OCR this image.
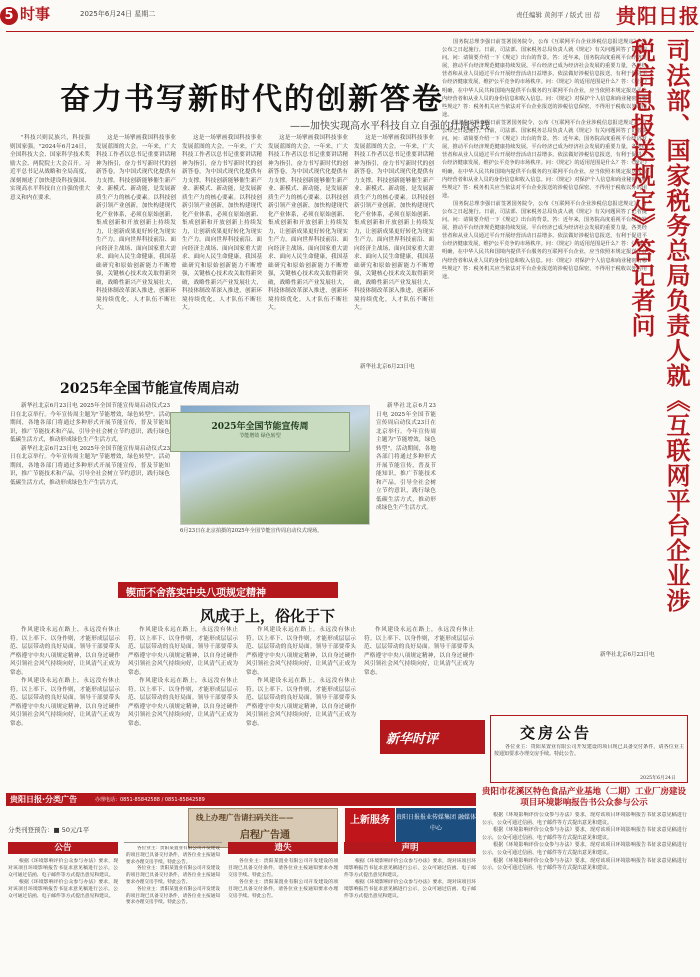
5 时事	2025年6月24日 星期二	责任编辑 黄剑平 / 版式 田 蓓 贵阳日报
奋力书写新时代的创新答卷
——加快实现高水平科技自立自强的壮阔实践

"科技兴则民族兴，科技强则国家强。"2024年6月24日，全国科技大会、国家科学技术奖励大会、两院院士大会召开。习近平总书记从战略和全局高度，深刻阐述了加快建设科技强国、实现高水平科技自立自强的重大意义和内在要求。

这是一场擘画我国科技事业发展蓝图的大会。一年来，广大科技工作者以总书记重要讲话精神为指引，奋力书写新时代的创新答卷，为中国式现代化提供有力支撑。科技创新能够催生新产业、新模式、新动能，是发展新质生产力的核心要素。以科技创新引领产业创新，加快构建现代化产业体系，必须在原始创新、集成创新和开放创新上持续发力，让创新成果更好转化为现实生产力。面向世界科技前沿、面向经济主战场、面向国家重大需求、面向人民生命健康，我国基础研究和原始创新能力不断增强，关键核心技术攻关取得新突破，战略性新兴产业发展壮大，科技体制改革深入推进，创新环境持续优化，人才队伍不断壮大。

这是一场擘画我国科技事业发展蓝图的大会。一年来，广大科技工作者以总书记重要讲话精神为指引，奋力书写新时代的创新答卷，为中国式现代化提供有力支撑。科技创新能够催生新产业、新模式、新动能，是发展新质生产力的核心要素。以科技创新引领产业创新，加快构建现代化产业体系，必须在原始创新、集成创新和开放创新上持续发力，让创新成果更好转化为现实生产力。面向世界科技前沿、面向经济主战场、面向国家重大需求、面向人民生命健康，我国基础研究和原始创新能力不断增强，关键核心技术攻关取得新突破，战略性新兴产业发展壮大，科技体制改革深入推进，创新环境持续优化，人才队伍不断壮大。

这是一场擘画我国科技事业发展蓝图的大会。一年来，广大科技工作者以总书记重要讲话精神为指引，奋力书写新时代的创新答卷，为中国式现代化提供有力支撑。科技创新能够催生新产业、新模式、新动能，是发展新质生产力的核心要素。以科技创新引领产业创新，加快构建现代化产业体系，必须在原始创新、集成创新和开放创新上持续发力，让创新成果更好转化为现实生产力。面向世界科技前沿、面向经济主战场、面向国家重大需求、面向人民生命健康，我国基础研究和原始创新能力不断增强，关键核心技术攻关取得新突破，战略性新兴产业发展壮大，科技体制改革深入推进，创新环境持续优化，人才队伍不断壮大。

这是一场擘画我国科技事业发展蓝图的大会。一年来，广大科技工作者以总书记重要讲话精神为指引，奋力书写新时代的创新答卷，为中国式现代化提供有力支撑。科技创新能够催生新产业、新模式、新动能，是发展新质生产力的核心要素。以科技创新引领产业创新，加快构建现代化产业体系，必须在原始创新、集成创新和开放创新上持续发力，让创新成果更好转化为现实生产力。面向世界科技前沿、面向经济主战场、面向国家重大需求、面向人民生命健康，我国基础研究和原始创新能力不断增强，关键核心技术攻关取得新突破，战略性新兴产业发展壮大，科技体制改革深入推进，创新环境持续优化，人才队伍不断壮大。

新华社北京6月23日电

国务院总理李强日前签署国务院令，公布《互联网平台企业涉税信息报送规定》，自公布之日起施行。日前，司法部、国家税务总局负责人就《规定》有关问题回答了记者提问。问：请简要介绍一下《规定》出台的背景。答：近年来，国务院高度重视平台经济发展，推动平台经济规范健康持续发展。平台经济已成为经济社会发展的重要力量，各类经营者和从业人员通过平台开展经营活动日益增多。依法做好涉税信息报送，有利于促进平台经济健康发展，维护公平竞争的市场秩序。问：《规定》的适用范围是什么？答：《规定》明确，在中华人民共和国境内提供平台服务的互联网平台企业，应当依照本规定报送平台内经营者和从业人员的身份信息和收入信息。问：《规定》对保护个人信息和商业秘密有哪些规定？答：税务机关应当依法对平台企业报送的涉税信息保密，不得用于税收以外的用途。

国务院总理李强日前签署国务院令，公布《互联网平台企业涉税信息报送规定》，自公布之日起施行。日前，司法部、国家税务总局负责人就《规定》有关问题回答了记者提问。问：请简要介绍一下《规定》出台的背景。答：近年来，国务院高度重视平台经济发展，推动平台经济规范健康持续发展。平台经济已成为经济社会发展的重要力量，各类经营者和从业人员通过平台开展经营活动日益增多。依法做好涉税信息报送，有利于促进平台经济健康发展，维护公平竞争的市场秩序。问：《规定》的适用范围是什么？答：《规定》明确，在中华人民共和国境内提供平台服务的互联网平台企业，应当依照本规定报送平台内经营者和从业人员的身份信息和收入信息。问：《规定》对保护个人信息和商业秘密有哪些规定？答：税务机关应当依法对平台企业报送的涉税信息保密，不得用于税收以外的用途。

国务院总理李强日前签署国务院令，公布《互联网平台企业涉税信息报送规定》，自公布之日起施行。日前，司法部、国家税务总局负责人就《规定》有关问题回答了记者提问。问：请简要介绍一下《规定》出台的背景。答：近年来，国务院高度重视平台经济发展，推动平台经济规范健康持续发展。平台经济已成为经济社会发展的重要力量，各类经营者和从业人员通过平台开展经营活动日益增多。依法做好涉税信息报送，有利于促进平台经济健康发展，维护公平竞争的市场秩序。问：《规定》的适用范围是什么？答：《规定》明确，在中华人民共和国境内提供平台服务的互联网平台企业，应当依照本规定报送平台内经营者和从业人员的身份信息和收入信息。问：《规定》对保护个人信息和商业秘密有哪些规定？答：税务机关应当依法对平台企业报送的涉税信息保密，不得用于税收以外的用途。	司法部、国家税务总局负责人就《互联网平台企业涉税信息报送规定》答记者问
新华社北京6月23日电
2025年全国节能宣传周启动

新华社北京6月23日电 2025年全国节能宣传周启动仪式23日在北京举行。今年宣传周主题为"节能增效，绿色转型"。活动期间，各地各部门将通过多种形式开展节能宣传，普及节能知识，推广节能技术和产品，引导全社会树立节约意识，践行绿色低碳生活方式，推动形成绿色生产生活方式。

新华社北京6月23日电 2025年全国节能宣传周启动仪式23日在北京举行。今年宣传周主题为"节能增效，绿色转型"。活动期间，各地各部门将通过多种形式开展节能宣传，普及节能知识，推广节能技术和产品，引导全社会树立节约意识，践行绿色低碳生活方式，推动形成绿色生产生活方式。

2025年全国节能宣传周
节能增效 绿色转型
6月23日在北京拍摄的2025年全国节能宣传周启动仪式现场。

新华社北京6月23日电 2025年全国节能宣传周启动仪式23日在北京举行。今年宣传周主题为"节能增效，绿色转型"。活动期间，各地各部门将通过多种形式开展节能宣传，普及节能知识，推广节能技术和产品，引导全社会树立节约意识，践行绿色低碳生活方式，推动形成绿色生产生活方式。

锲而不舍落实中央八项规定精神
风成于上，俗化于下

作风建设永远在路上，永远没有休止符。以上率下、以身作则，才能形成层层示范、层层带动的良好局面。领导干部要带头严格遵守中央八项规定精神，以自身过硬作风引领社会风气持续向好，让风清气正成为常态。

作风建设永远在路上，永远没有休止符。以上率下、以身作则，才能形成层层示范、层层带动的良好局面。领导干部要带头严格遵守中央八项规定精神，以自身过硬作风引领社会风气持续向好，让风清气正成为常态。

作风建设永远在路上，永远没有休止符。以上率下、以身作则，才能形成层层示范、层层带动的良好局面。领导干部要带头严格遵守中央八项规定精神，以自身过硬作风引领社会风气持续向好，让风清气正成为常态。

作风建设永远在路上，永远没有休止符。以上率下、以身作则，才能形成层层示范、层层带动的良好局面。领导干部要带头严格遵守中央八项规定精神，以自身过硬作风引领社会风气持续向好，让风清气正成为常态。

作风建设永远在路上，永远没有休止符。以上率下、以身作则，才能形成层层示范、层层带动的良好局面。领导干部要带头严格遵守中央八项规定精神，以自身过硬作风引领社会风气持续向好，让风清气正成为常态。

作风建设永远在路上，永远没有休止符。以上率下、以身作则，才能形成层层示范、层层带动的良好局面。领导干部要带头严格遵守中央八项规定精神，以自身过硬作风引领社会风气持续向好，让风清气正成为常态。

作风建设永远在路上，永远没有休止符。以上率下、以身作则，才能形成层层示范、层层带动的良好局面。领导干部要带头严格遵守中央八项规定精神，以自身过硬作风引领社会风气持续向好，让风清气正成为常态。

新华时评	交房公告

各位业主：贵阳某置业有限公司开发建设的项目现已具备交付条件，请各位业主按通知要求办理交房手续。特此公告。

2025年6月24日
贵阳市花溪区特色食品产业基地（二期）工业厂房建设项目环境影响报告书公众参与公示

根据《环境影响评价公众参与办法》要求，现对该项目环境影响报告书征求意见稿进行公示，公众可通过信函、电子邮件等方式提出意见和建议。

根据《环境影响评价公众参与办法》要求，现对该项目环境影响报告书征求意见稿进行公示，公众可通过信函、电子邮件等方式提出意见和建议。

根据《环境影响评价公众参与办法》要求，现对该项目环境影响报告书征求意见稿进行公示，公众可通过信函、电子邮件等方式提出意见和建议。

根据《环境影响评价公众参与办法》要求，现对该项目环境影响报告书征求意见稿进行公示，公众可通过信函、电子邮件等方式提出意见和建议。

贵阳日报·分类广告	办理电话：0851-85842588 / 0851-85842589
分类刊登预告：■ 50元/1平
线上办理广告请扫码关注——
启程广告通
上新服务	贵阳日报报业传媒集团 融媒体中心
公告	遗失	声明

根据《环境影响评价公众参与办法》要求，现对该项目环境影响报告书征求意见稿进行公示，公众可通过信函、电子邮件等方式提出意见和建议。

根据《环境影响评价公众参与办法》要求，现对该项目环境影响报告书征求意见稿进行公示，公众可通过信函、电子邮件等方式提出意见和建议。

各位业主：贵阳某置业有限公司开发建设的项目现已具备交付条件，请各位业主按通知要求办理交房手续。特此公告。

各位业主：贵阳某置业有限公司开发建设的项目现已具备交付条件，请各位业主按通知要求办理交房手续。特此公告。

各位业主：贵阳某置业有限公司开发建设的项目现已具备交付条件，请各位业主按通知要求办理交房手续。特此公告。

各位业主：贵阳某置业有限公司开发建设的项目现已具备交付条件，请各位业主按通知要求办理交房手续。特此公告。

各位业主：贵阳某置业有限公司开发建设的项目现已具备交付条件，请各位业主按通知要求办理交房手续。特此公告。

根据《环境影响评价公众参与办法》要求，现对该项目环境影响报告书征求意见稿进行公示，公众可通过信函、电子邮件等方式提出意见和建议。

根据《环境影响评价公众参与办法》要求，现对该项目环境影响报告书征求意见稿进行公示，公众可通过信函、电子邮件等方式提出意见和建议。
